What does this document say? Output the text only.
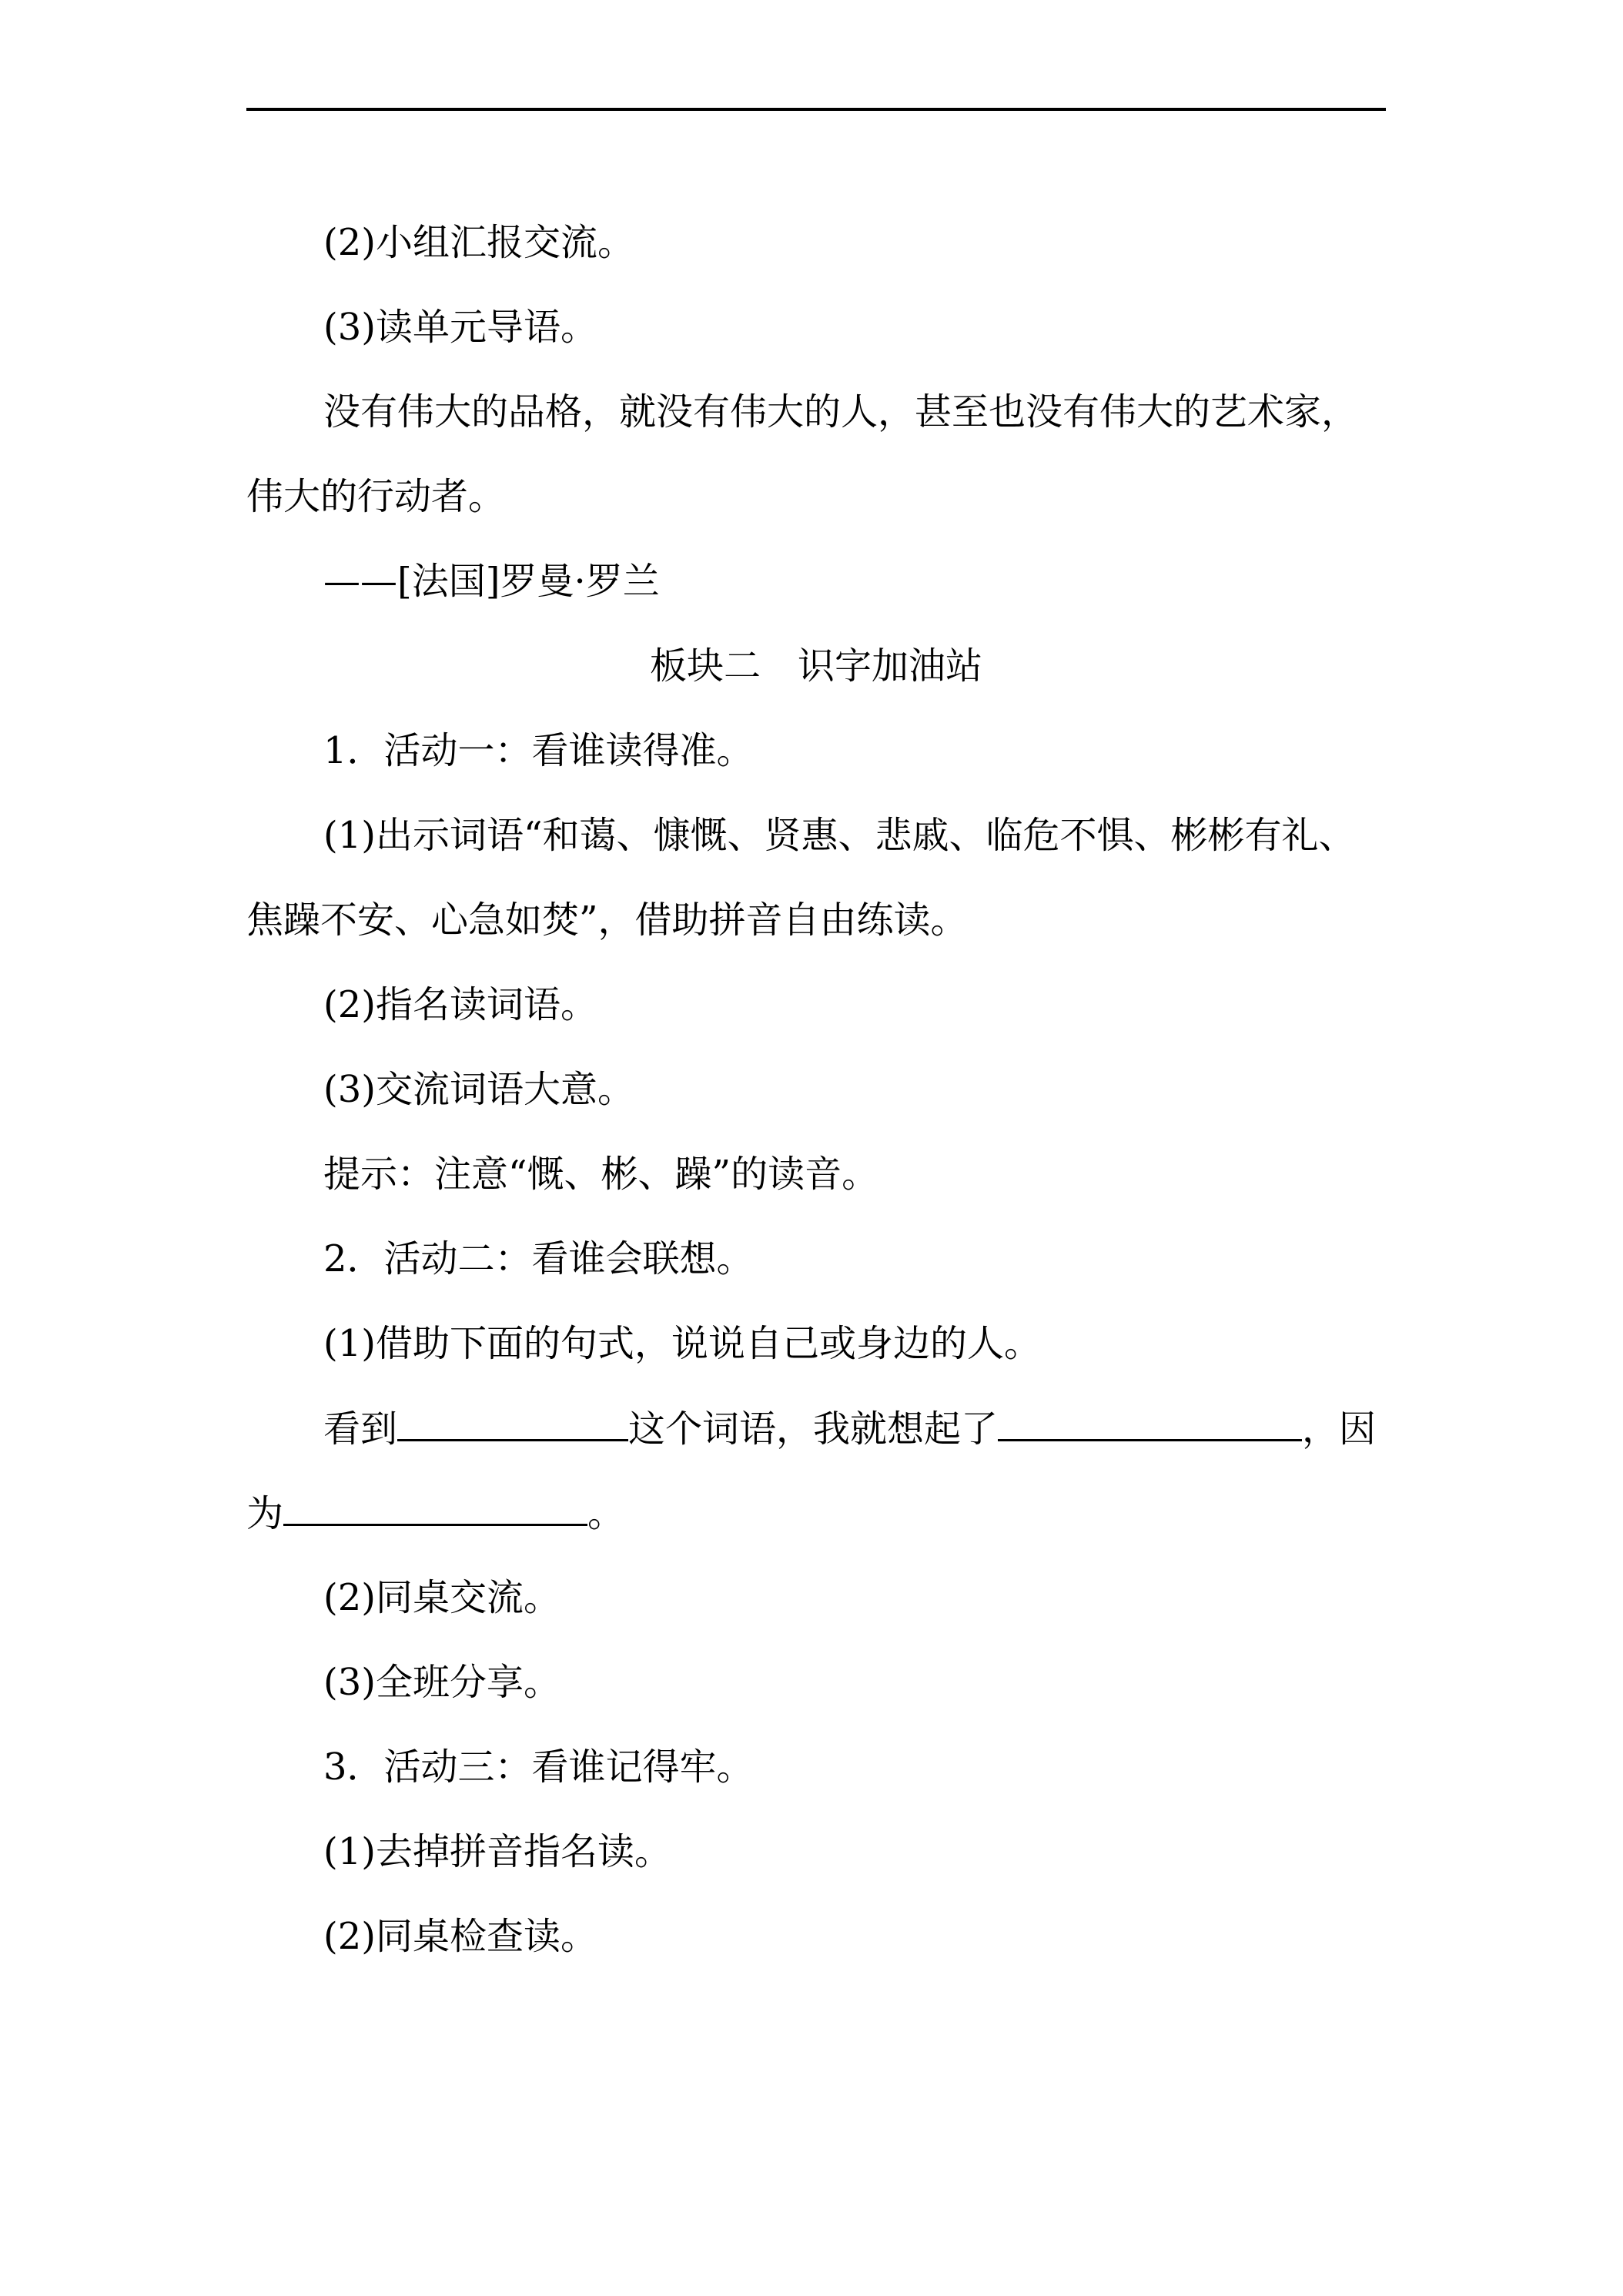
(2)小组汇报交流。
(3)读单元导语。
没有伟大的品格，就没有伟大的人，甚至也没有伟大的艺术家，
伟大的行动者。
——[法国]罗曼·罗兰
板块二　识字加油站
1．活动一：看谁读得准。
(1)出示词语“和蔼、慷慨、贤惠、悲戚、临危不惧、彬彬有礼、
焦躁不安、心急如焚”，借助拼音自由练读。
(2)指名读词语。
(3)交流词语大意。
提示：注意“慨、彬、躁”的读音。
2．活动二：看谁会联想。
(1)借助下面的句式，说说自己或身边的人。
看到	这个词语，我就想起了	，因
为	。
(2)同桌交流。
(3)全班分享。
3．活动三：看谁记得牢。
(1)去掉拼音指名读。
(2)同桌检查读。
